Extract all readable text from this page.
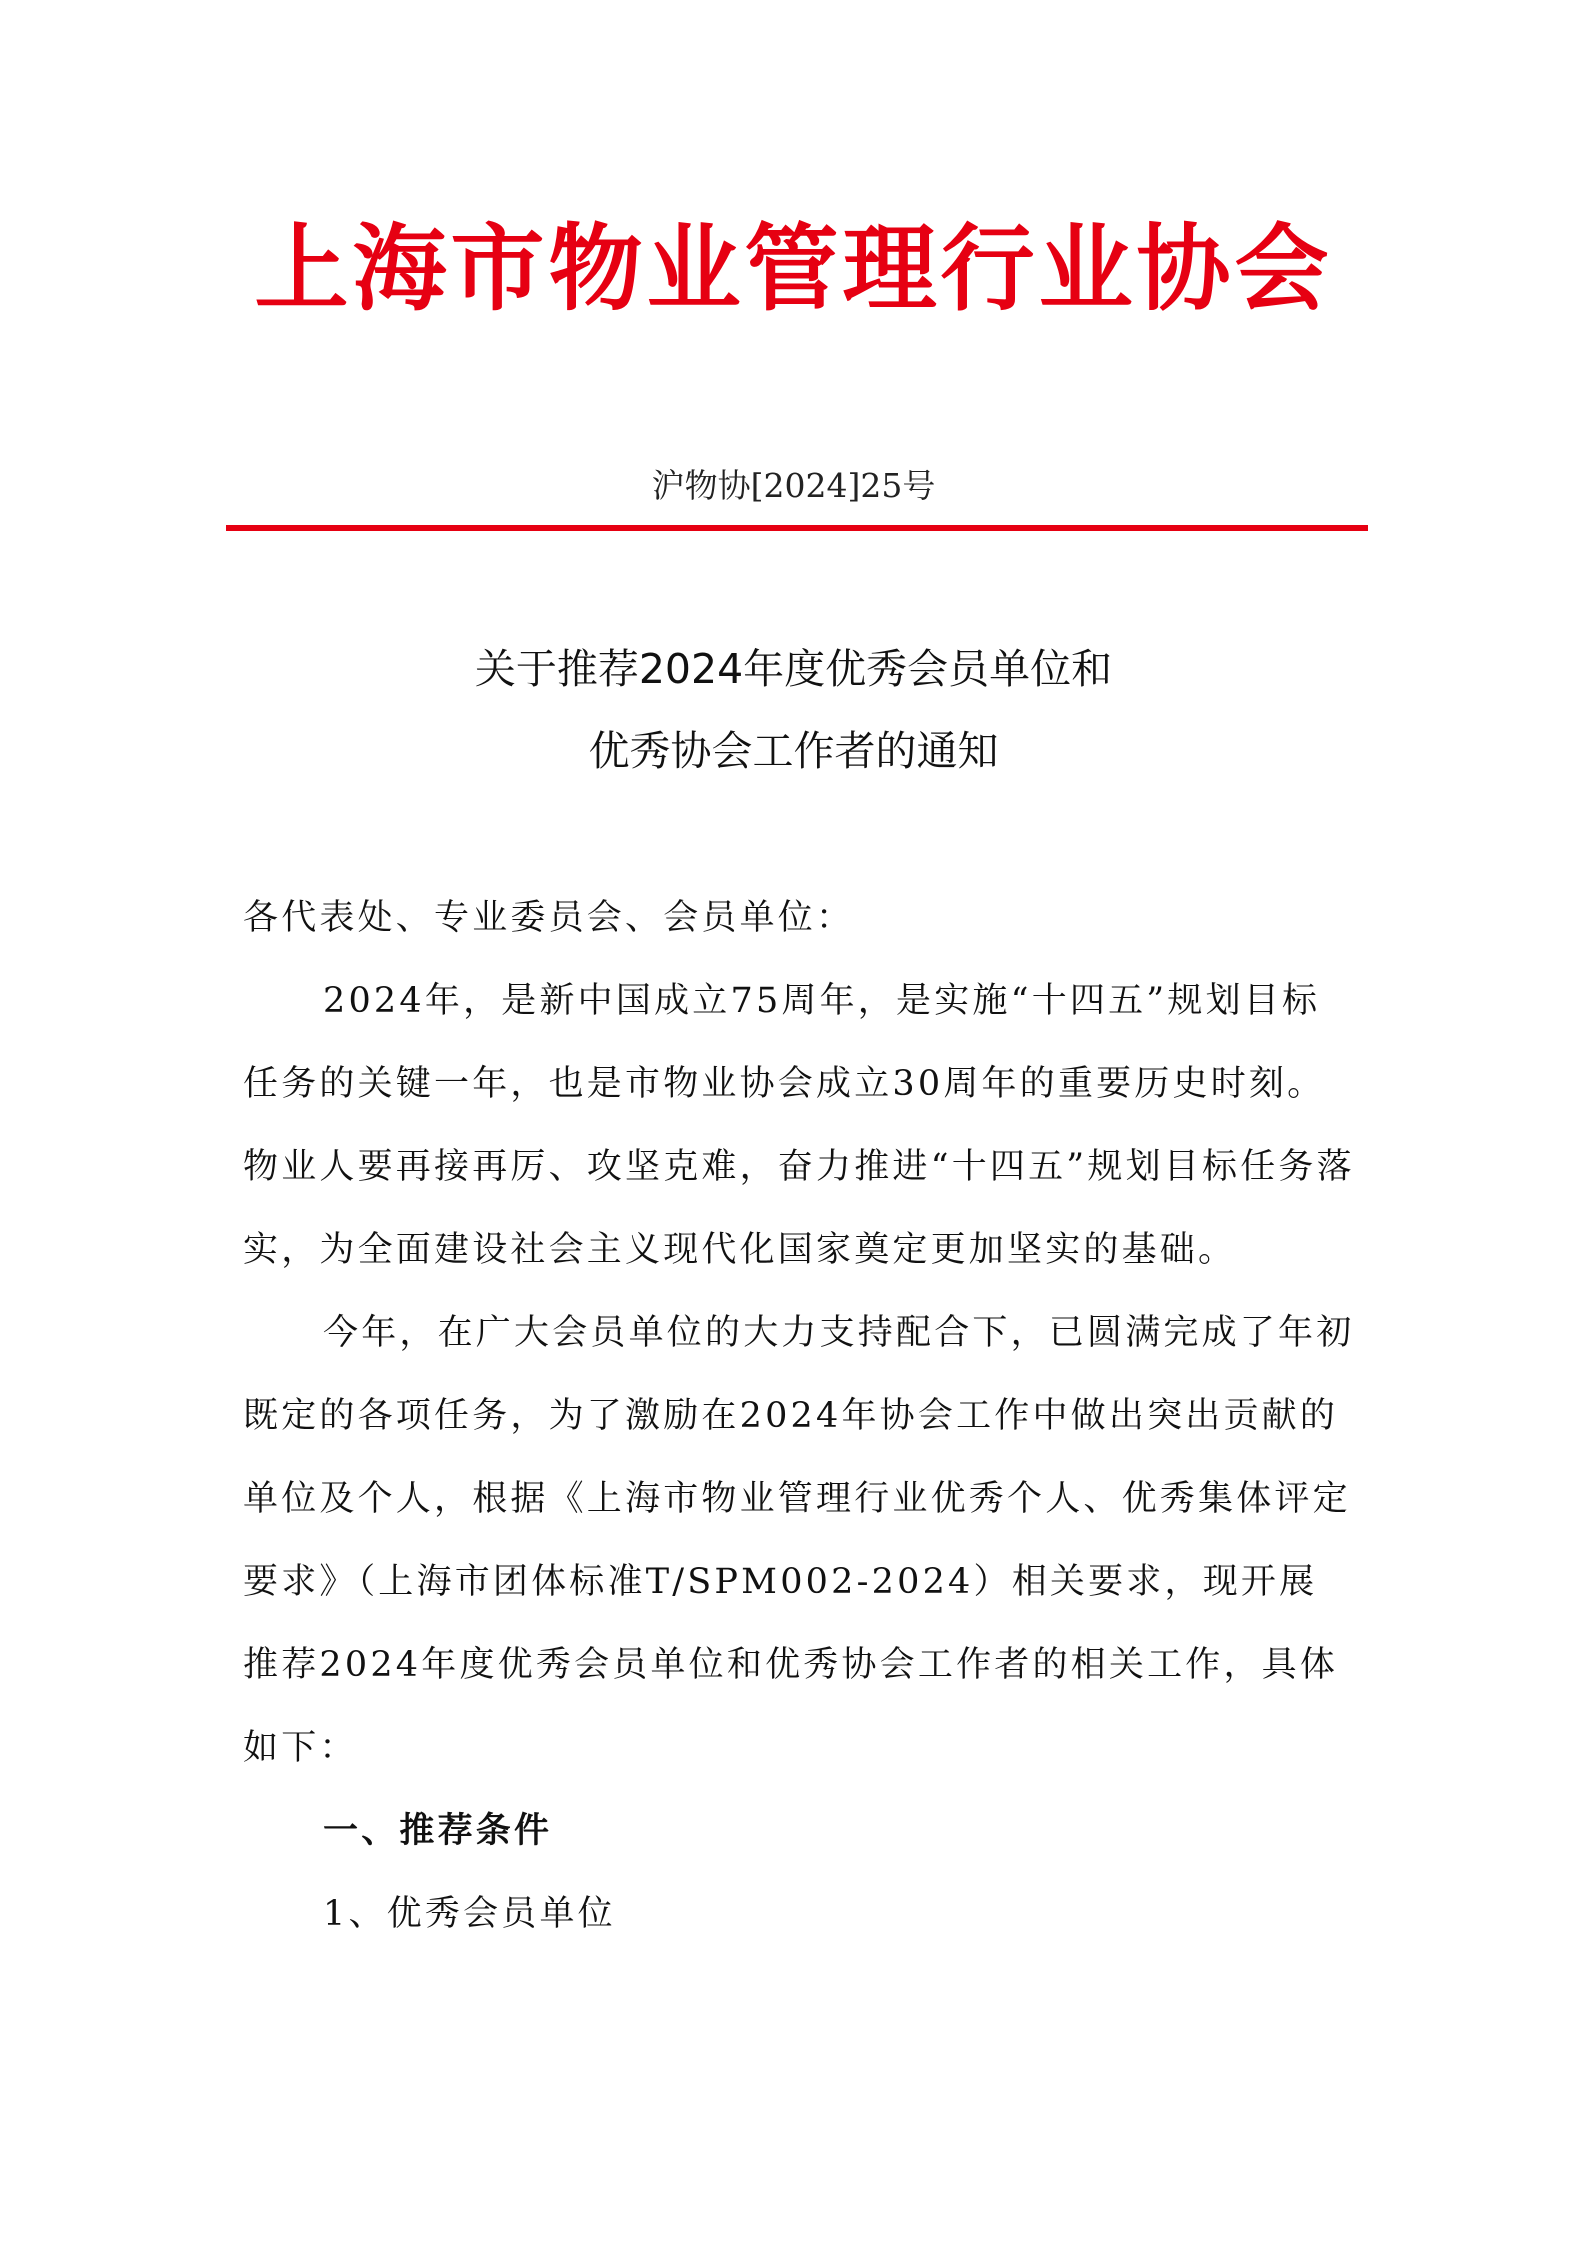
上海市物业管理行业协会
沪物协[2024]25号
关于推荐2024年度优秀会员单位和
优秀协会工作者的通知

各代表处、专业委员会、会员单位：

2024年，是新中国成立75周年，是实施“十四五”规划目标任务的关键一年，也是市物业协会成立30周年的重要历史时刻。物业人要再接再厉、攻坚克难，奋力推进“十四五”规划目标任务落实，为全面建设社会主义现代化国家奠定更加坚实的基础。

今年，在广大会员单位的大力支持配合下，已圆满完成了年初既定的各项任务，为了激励在2024年协会工作中做出突出贡献的单位及个人，根据《上海市物业管理行业优秀个人、优秀集体评定要求》（上海市团体标准T/SPM002-2024）相关要求，现开展推荐2024年度优秀会员单位和优秀协会工作者的相关工作，具体如下：

一、推荐条件

1、优秀会员单位
